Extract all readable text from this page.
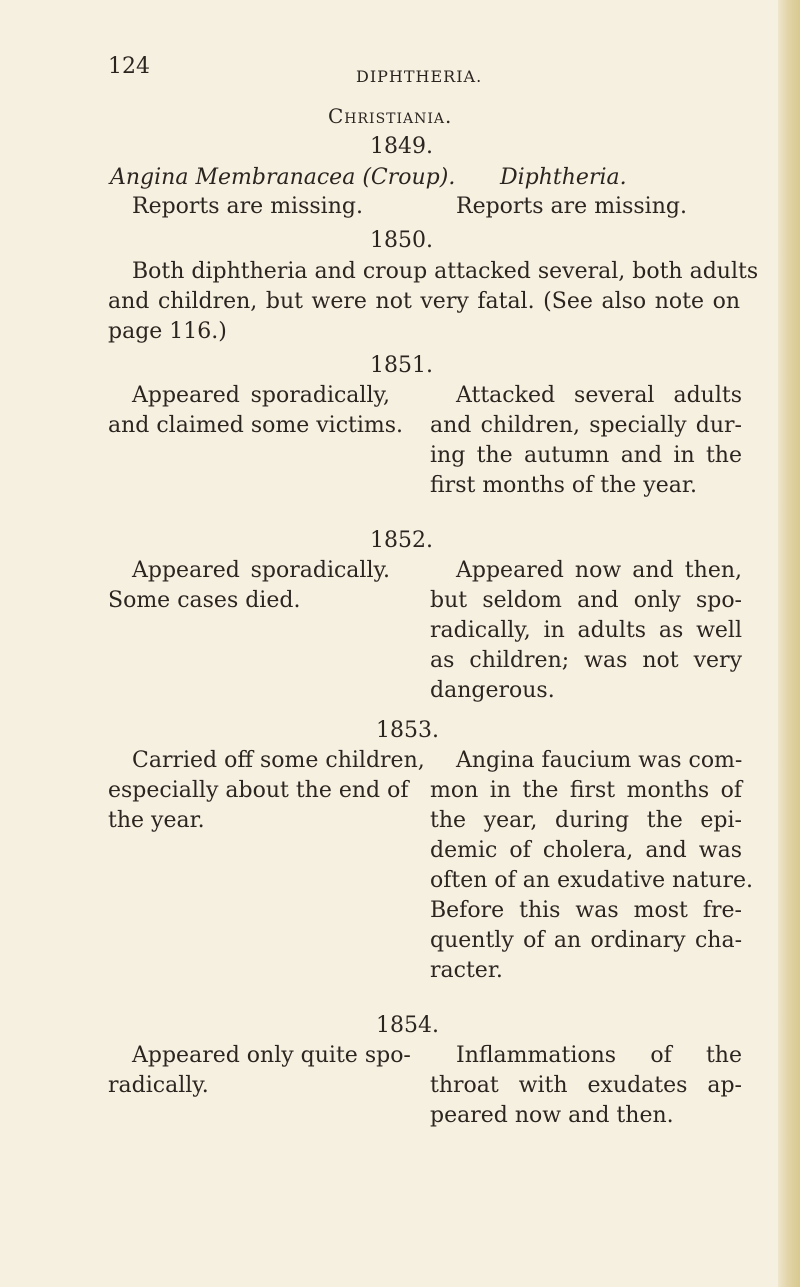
124	DIPHTHERIA.
Christiania.
1849.
Angina Membranacea (Croup). Diphtheria.
Reports are missing.	Reports are missing.
1850.
Both diphtheria and croup attacked several, both adults
and children, but were not very fatal. (See also note on
page 116.)
1851.
Appeared sporadically,
and claimed some victims.
Attacked several adults
and children, specially dur-
ing the autumn and in the
first months of the year.
1852.
Appeared sporadically.
Some cases died.
Appeared now and then,
but seldom and only spo-
radically, in adults as well
as children; was not very
dangerous.
1853.
Carried off some children,
especially about the end of
the year.
Angina faucium was com-
mon in the first months of
the year, during the epi-
demic of cholera, and was
often of an exudative nature.
Before this was most fre-
quently of an ordinary cha-
racter.
1854.
Appeared only quite spo-
radically.
Inflammations of the
throat with exudates ap-
peared now and then.
